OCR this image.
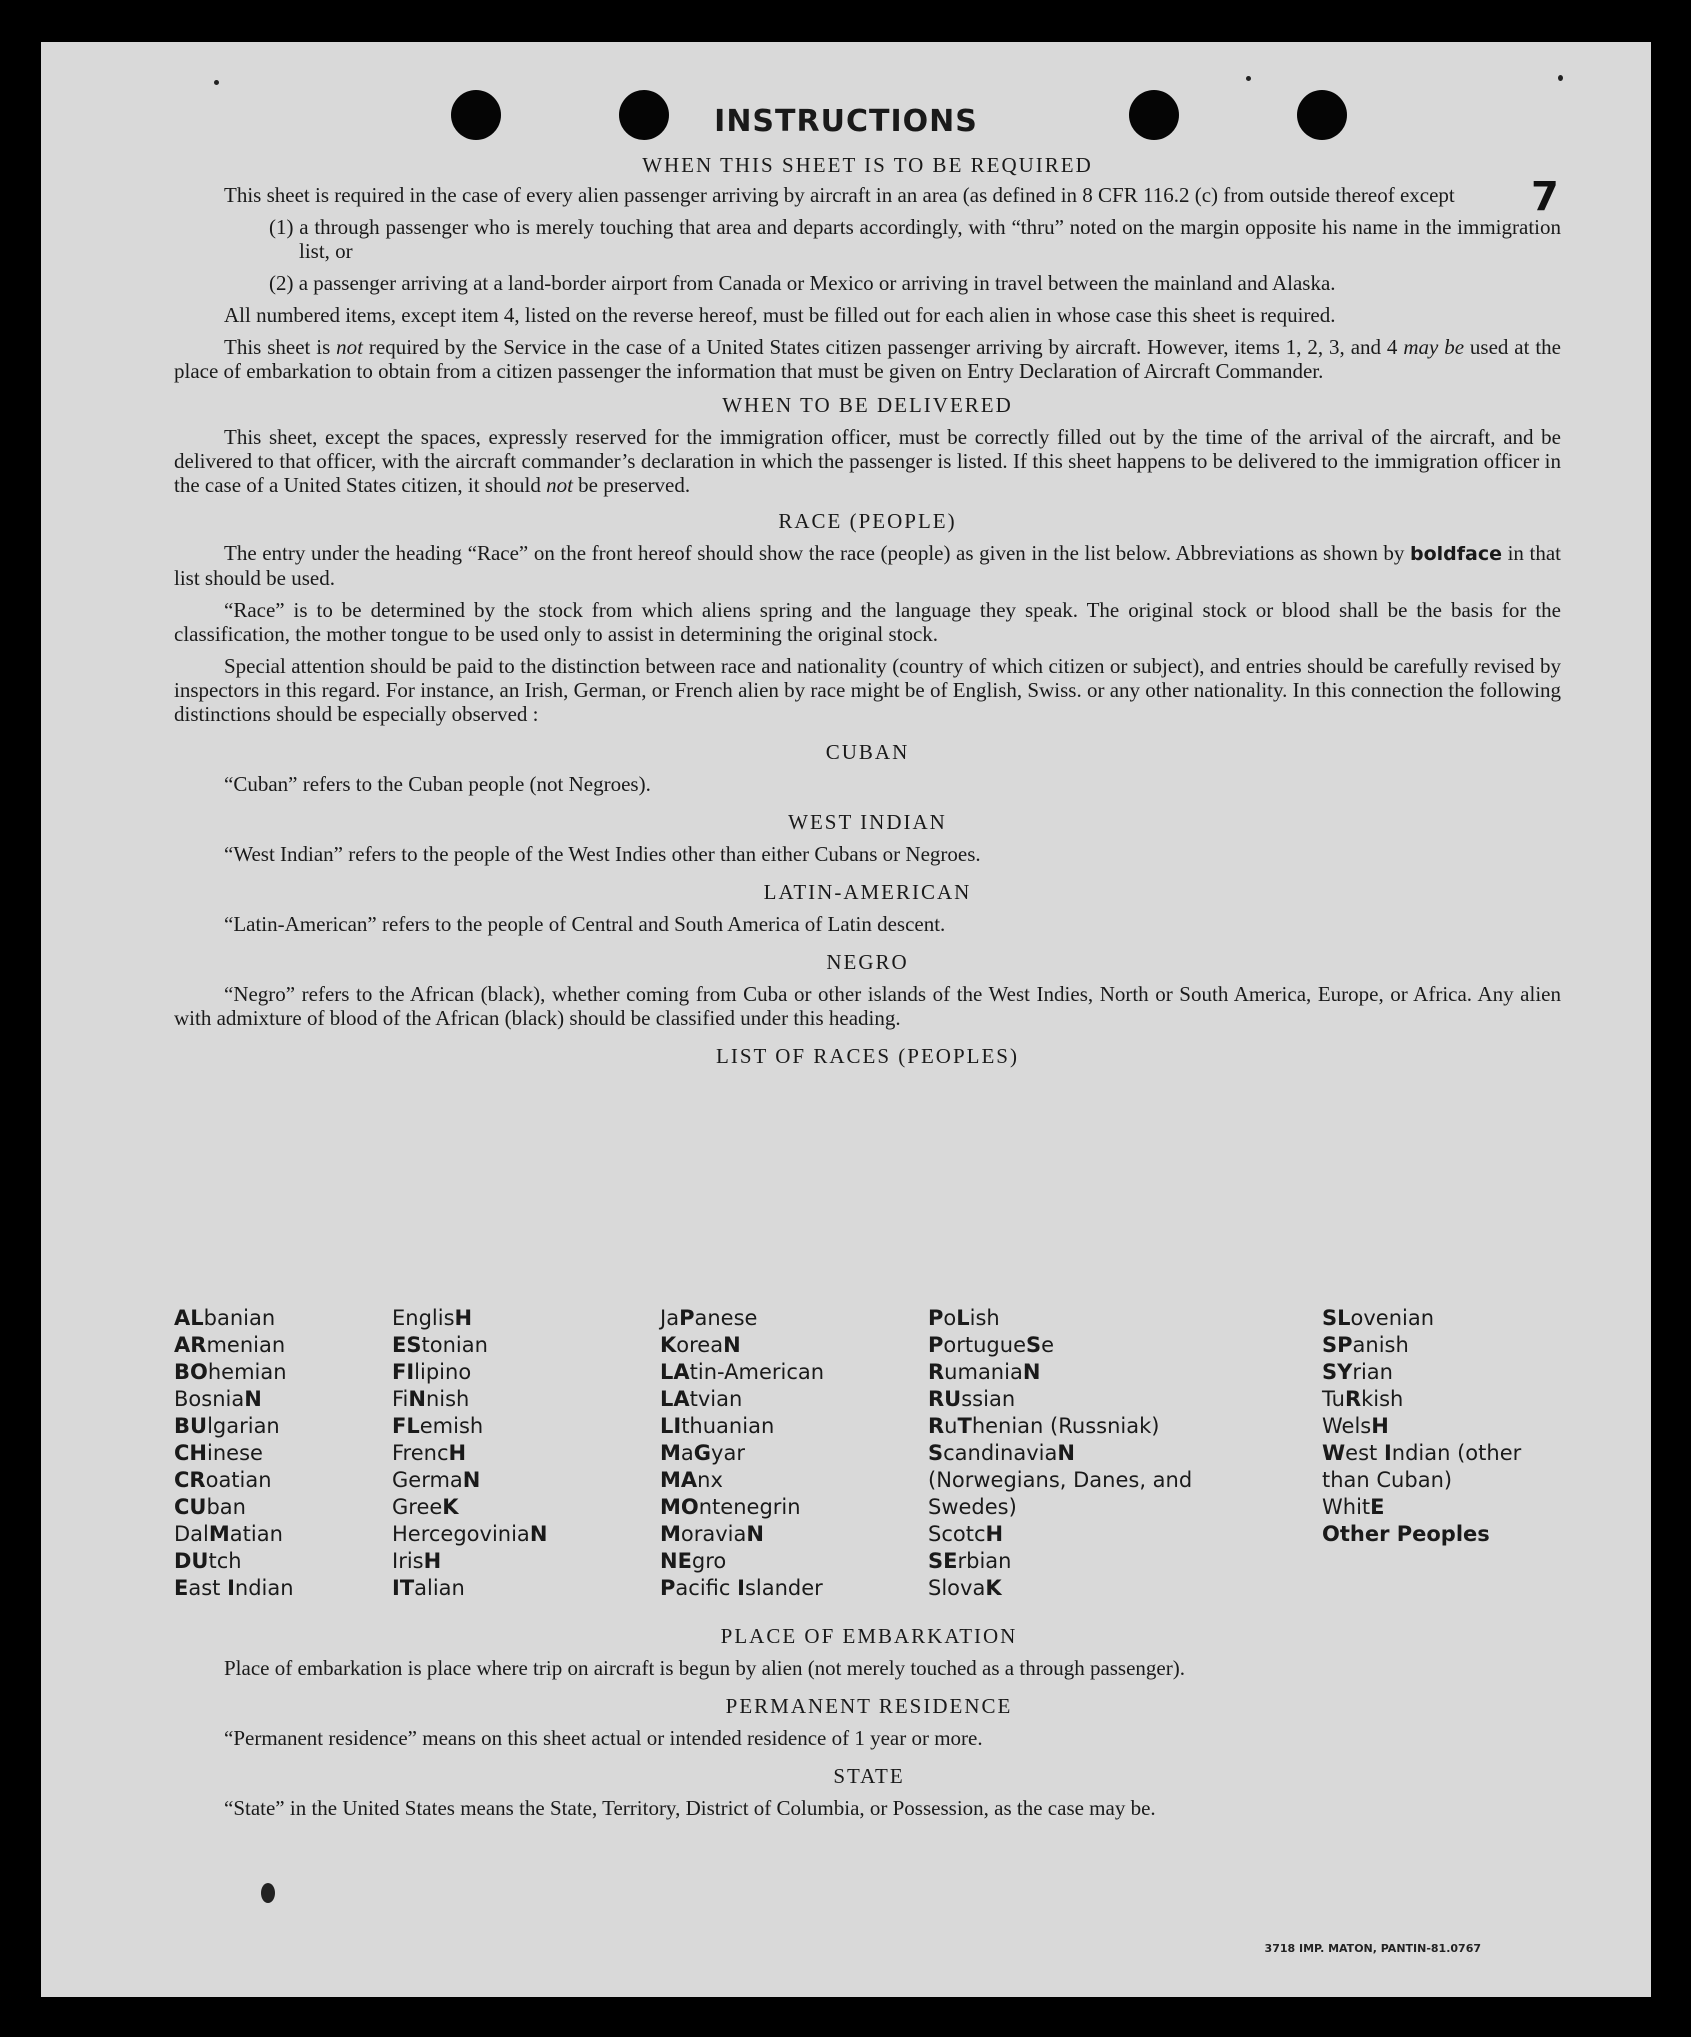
7
INSTRUCTIONS
WHEN THIS SHEET IS TO BE REQUIRED

This sheet is required in the case of every alien passenger arriving by aircraft in an area (as defined in 8 CFR 116.2 (c) from outside thereof except

(1) a through passenger who is merely touching that area and departs accordingly, with “thru” noted on the margin opposite his name in the immigration list, or

(2) a passenger arriving at a land-border airport from Canada or Mexico or arriving in travel between the mainland and Alaska.

All numbered items, except item 4, listed on the reverse hereof, must be filled out for each alien in whose case this sheet is required.

This sheet is not required by the Service in the case of a United States citizen passenger arriving by aircraft. However, items 1, 2, 3, and 4 may be used at the place of embarkation to obtain from a citizen passenger the information that must be given on Entry Declaration of Aircraft Commander.

WHEN TO BE DELIVERED

This sheet, except the spaces, expressly reserved for the immigration officer, must be correctly filled out by the time of the arrival of the aircraft, and be delivered to that officer, with the aircraft commander’s declaration in which the passenger is listed. If this sheet happens to be delivered to the immigration officer in the case of a United States citizen, it should not be preserved.

RACE (PEOPLE)

The entry under the heading “Race” on the front hereof should show the race (people) as given in the list below. Abbreviations as shown by boldface in that list should be used.

“Race” is to be determined by the stock from which aliens spring and the language they speak. The original stock or blood shall be the basis for the classification, the mother tongue to be used only to assist in determining the original stock.

Special attention should be paid to the distinction between race and nationality (country of which citizen or subject), and entries should be carefully revised by inspectors in this regard. For instance, an Irish, German, or French alien by race might be of English, Swiss. or any other nationality. In this connection the following distinctions should be especially observed :

CUBAN

“Cuban” refers to the Cuban people (not Negroes).

WEST INDIAN

“West Indian” refers to the people of the West Indies other than either Cubans or Negroes.

LATIN-AMERICAN

“Latin-American” refers to the people of Central and South America of Latin descent.

NEGRO

“Negro” refers to the African (black), whether coming from Cuba or other islands of the West Indies, North or South America, Europe, or Africa. Any alien with admixture of blood of the African (black) should be classified under this heading.

LIST OF RACES (PEOPLES)
ALbanian
ARmenian
BOhemian
BosniaN
BUlgarian
CHinese
CRoatian
CUban
DalMatian
DUtch
East Indian
EnglisH
EStonian
FIlipino
FiNnish
FLemish
FrencH
GermaN
GreeK
HercegoviniaN
IrisH
ITalian
JaPanese
KoreaN
LAtin-American
LAtvian
LIthuanian
MaGyar
MAnx
MOntenegrin
MoraviaN
NEgro
Pacific Islander
PoLish
PortugueSe
RumaniaN
RUssian
RuThenian (Russniak)
ScandinaviaN (Norwegians, Danes, and Swedes)
ScotcH
SErbian
SlovaK
SLovenian
SPanish
SYrian
TuRkish
WelsH
West Indian (other than Cuban)
WhitE
Other Peoples
PLACE OF EMBARKATION

Place of embarkation is place where trip on aircraft is begun by alien (not merely touched as a through passenger).

PERMANENT RESIDENCE

“Permanent residence” means on this sheet actual or intended residence of 1 year or more.

STATE

“State” in the United States means the State, Territory, District of Columbia, or Possession, as the case may be.

3718 IMP. MATON, PANTIN-81.0767
